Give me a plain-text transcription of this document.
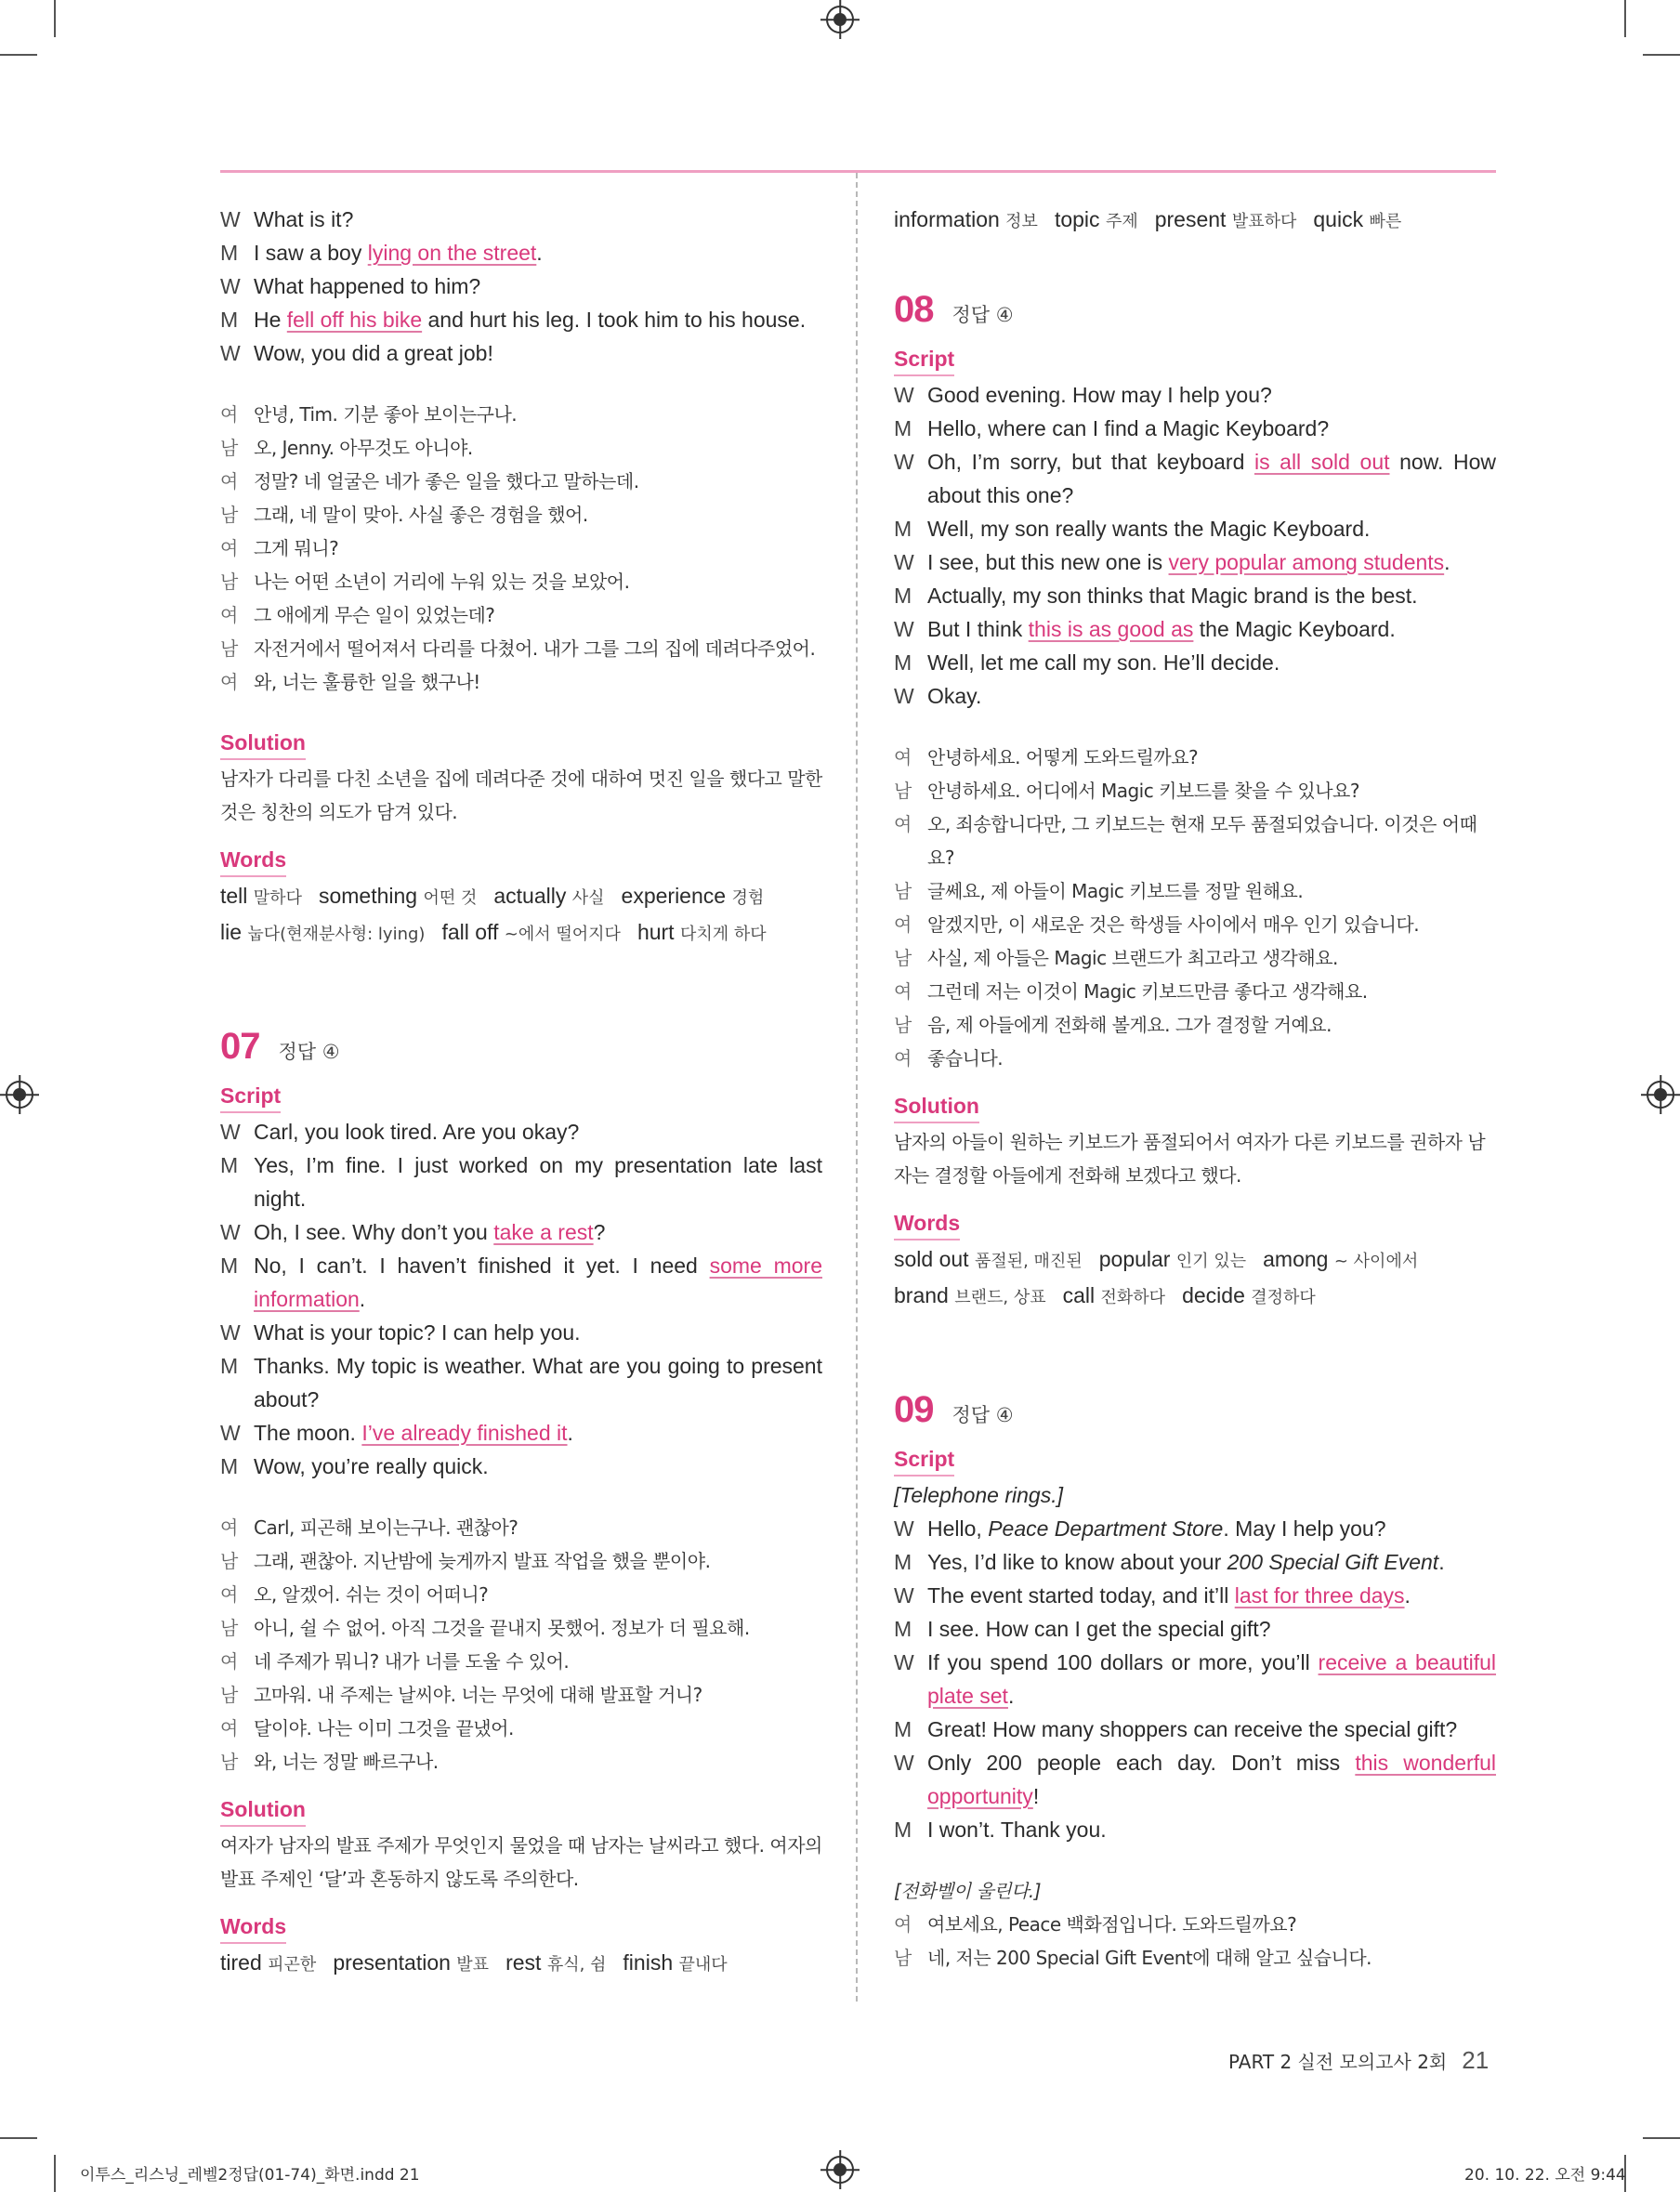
W What is it?
M I saw a boy lying on the street.
W What happened to him?
M He fell off his bike and hurt his leg. I took him to his house.
W Wow, you did a great job!
여 안녕, Tim. 기분 좋아 보이는구나.
남 오, Jenny. 아무것도 아니야.
여 정말? 네 얼굴은 네가 좋은 일을 했다고 말하는데.
남 그래, 네 말이 맞아. 사실 좋은 경험을 했어.
여 그게 뭐니?
남 나는 어떤 소년이 거리에 누워 있는 것을 보았어.
여 그 애에게 무슨 일이 있었는데?
남 자전거에서 떨어져서 다리를 다쳤어. 내가 그를 그의 집에 데려다주었어.
여 와, 너는 훌륭한 일을 했구나!
Solution
남자가 다리를 다친 소년을 집에 데려다준 것에 대하여 멋진 일을 했다고 말한 것은 칭찬의 의도가 담겨 있다.
Words
tell 말하다 something 어떤 것 actually 사실 experience 경험
lie 눕다(현재분사형: lying) fall off ~에서 떨어지다 hurt 다치게 하다
07 정답 ④
Script
W Carl, you look tired. Are you okay?
M Yes, I’m fine. I just worked on my presentation late last night.
W Oh, I see. Why don’t you take a rest?
M No, I can’t. I haven’t finished it yet. I need some more information.
W What is your topic? I can help you.
M Thanks. My topic is weather. What are you going to present about?
W The moon. I’ve already finished it.
M Wow, you’re really quick.
여 Carl, 피곤해 보이는구나. 괜찮아?
남 그래, 괜찮아. 지난밤에 늦게까지 발표 작업을 했을 뿐이야.
여 오, 알겠어. 쉬는 것이 어떠니?
남 아니, 쉴 수 없어. 아직 그것을 끝내지 못했어. 정보가 더 필요해.
여 네 주제가 뭐니? 내가 너를 도울 수 있어.
남 고마워. 내 주제는 날씨야. 너는 무엇에 대해 발표할 거니?
여 달이야. 나는 이미 그것을 끝냈어.
남 와, 너는 정말 빠르구나.
Solution
여자가 남자의 발표 주제가 무엇인지 물었을 때 남자는 날씨라고 했다. 여자의 발표 주제인 ‘달’과 혼동하지 않도록 주의한다.
Words
tired 피곤한 presentation 발표 rest 휴식, 쉼 finish 끝내다
information 정보 topic 주제 present 발표하다 quick 빠른
08 정답 ④
Script
W Good evening. How may I help you?
M Hello, where can I find a Magic Keyboard?
W Oh, I’m sorry, but that keyboard is all sold out now. How about this one?
M Well, my son really wants the Magic Keyboard.
W I see, but this new one is very popular among students.
M Actually, my son thinks that Magic brand is the best.
W But I think this is as good as the Magic Keyboard.
M Well, let me call my son. He’ll decide.
W Okay.
여 안녕하세요. 어떻게 도와드릴까요?
남 안녕하세요. 어디에서 Magic 키보드를 찾을 수 있나요?
여 오, 죄송합니다만, 그 키보드는 현재 모두 품절되었습니다. 이것은 어때요?
남 글쎄요, 제 아들이 Magic 키보드를 정말 원해요.
여 알겠지만, 이 새로운 것은 학생들 사이에서 매우 인기 있습니다.
남 사실, 제 아들은 Magic 브랜드가 최고라고 생각해요.
여 그런데 저는 이것이 Magic 키보드만큼 좋다고 생각해요.
남 음, 제 아들에게 전화해 볼게요. 그가 결정할 거예요.
여 좋습니다.
Solution
남자의 아들이 원하는 키보드가 품절되어서 여자가 다른 키보드를 권하자 남자는 결정할 아들에게 전화해 보겠다고 했다.
Words
sold out 품절된, 매진된 popular 인기 있는 among ~ 사이에서
brand 브랜드, 상표 call 전화하다 decide 결정하다
09 정답 ④
Script
[Telephone rings.]
W Hello, Peace Department Store. May I help you?
M Yes, I’d like to know about your 200 Special Gift Event.
W The event started today, and it’ll last for three days.
M I see. How can I get the special gift?
W If you spend 100 dollars or more, you’ll receive a beautiful plate set.
M Great! How many shoppers can receive the special gift?
W Only 200 people each day. Don’t miss this wonderful opportunity!
M I won’t. Thank you.
[전화벨이 울린다.]
여 여보세요, Peace 백화점입니다. 도와드릴까요?
남 네, 저는 200 Special Gift Event에 대해 알고 싶습니다.
PART 2 실전 모의고사 2회 21
이투스_리스닝_레벨2정답(01-74)_화면.indd 21	20. 10. 22. 오전 9:44
